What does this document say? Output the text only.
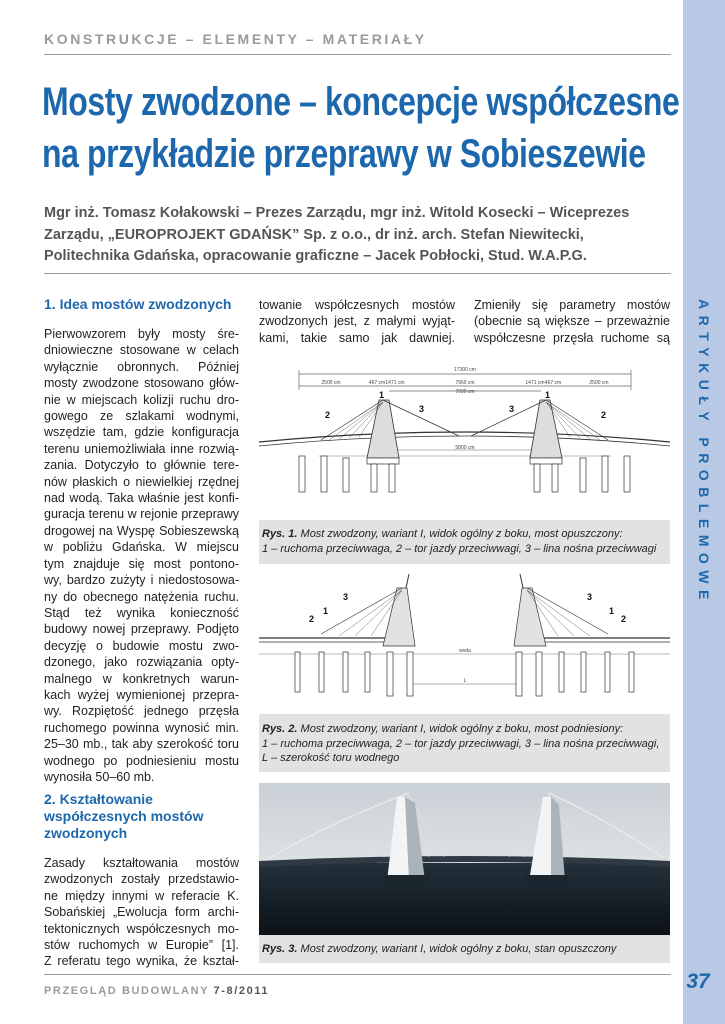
ARTYKUŁY PROBLEMOWE
KONSTRUKCJE – ELEMENTY – MATERIAŁY
Mosty zwodzone – koncepcje współczesne
na przykładzie przeprawy w Sobieszewie

Mgr inż. Tomasz Kołakowski – Prezes Zarządu, mgr inż. Witold Kosecki – Wiceprezes
Zarządu, „EUROPROJEKT GDAŃSK” Sp. z o.o., dr inż. arch. Stefan Niewitecki,
Politechnika Gdańska, opracowanie graficzne – Jacek Pobłocki, Stud. W.A.P.G.

1. Idea mostów zwodzonych
Pierwowzorem były mosty śre-
dniowieczne stosowane w celach
wyłącznie obronnych. Później
mosty zwodzone stosowano głów-
nie w miejscach kolizji ruchu dro-
gowego ze szlakami wodnymi,
wszędzie tam, gdzie konfiguracja
terenu uniemożliwiała inne rozwią-
zania. Dotyczyło to głównie tere-
nów płaskich o niewielkiej rzędnej
nad wodą. Taka właśnie jest konfi-
guracja terenu w rejonie przeprawy
drogowej na Wyspę Sobieszewską
w pobliżu Gdańska. W miejscu
tym znajduje się most pontono-
wy, bardzo zużyty i niedostosowa-
ny do obecnego natężenia ruchu.
Stąd też wynika konieczność
budowy nowej przeprawy. Podjęto
decyzję o budowie mostu zwo-
dzonego, jako rozwiązania opty-
malnego w konkretnych warun-
kach wyżej wymienionej przepra-
wy. Rozpiętość jednego przęsła
ruchomego powinna wynosić min.
25–30 mb., tak aby szerokość toru
wodnego po podniesieniu mostu
wynosiła 50–60 mb.
2. Kształtowanie
współczesnych mostów
zwodzonych
Zasady kształtowania mostów
zwodzonych zostały przedstawio-
ne między innymi w referacie K.
Sobańskiej „Ewolucja form archi-
tektonicznych współczesnych mo-
stów ruchomych w Europie” [1].
Z referatu tego wynika, że kształ-
towanie współczesnych mostów
zwodzonych jest, z małymi wyjąt-
kami, takie samo jak dawniej.
Zmieniły się parametry mostów
(obecnie są większe – przeważnie
współczesne przęsła ruchome są
17300 cm
2500 cm	467 cm 1471 cm	7969 cm
7090 cm
1471 cm 467 cm	2500 cm
5800 cm
1
2
3	3
1
2
Rys. 1. Most zwodzony, wariant I, widok ogólny z boku, most opuszczony:
1 – ruchoma przeciwwaga, 2 – tor jazdy przeciwwagi, 3 – lina nośna przeciwwagi
woda
L
3
1
2
3
1
2
Rys. 2. Most zwodzony, wariant I, widok ogólny z boku, most podniesiony:
1 – ruchoma przeciwwaga, 2 – tor jazdy przeciwwagi, 3 – lina nośna przeciwwagi,
L – szerokość toru wodnego
Rys. 3. Most zwodzony, wariant I, widok ogólny z boku, stan opuszczony
PRZEGLĄD BUDOWLANY 7-8/2011	37
